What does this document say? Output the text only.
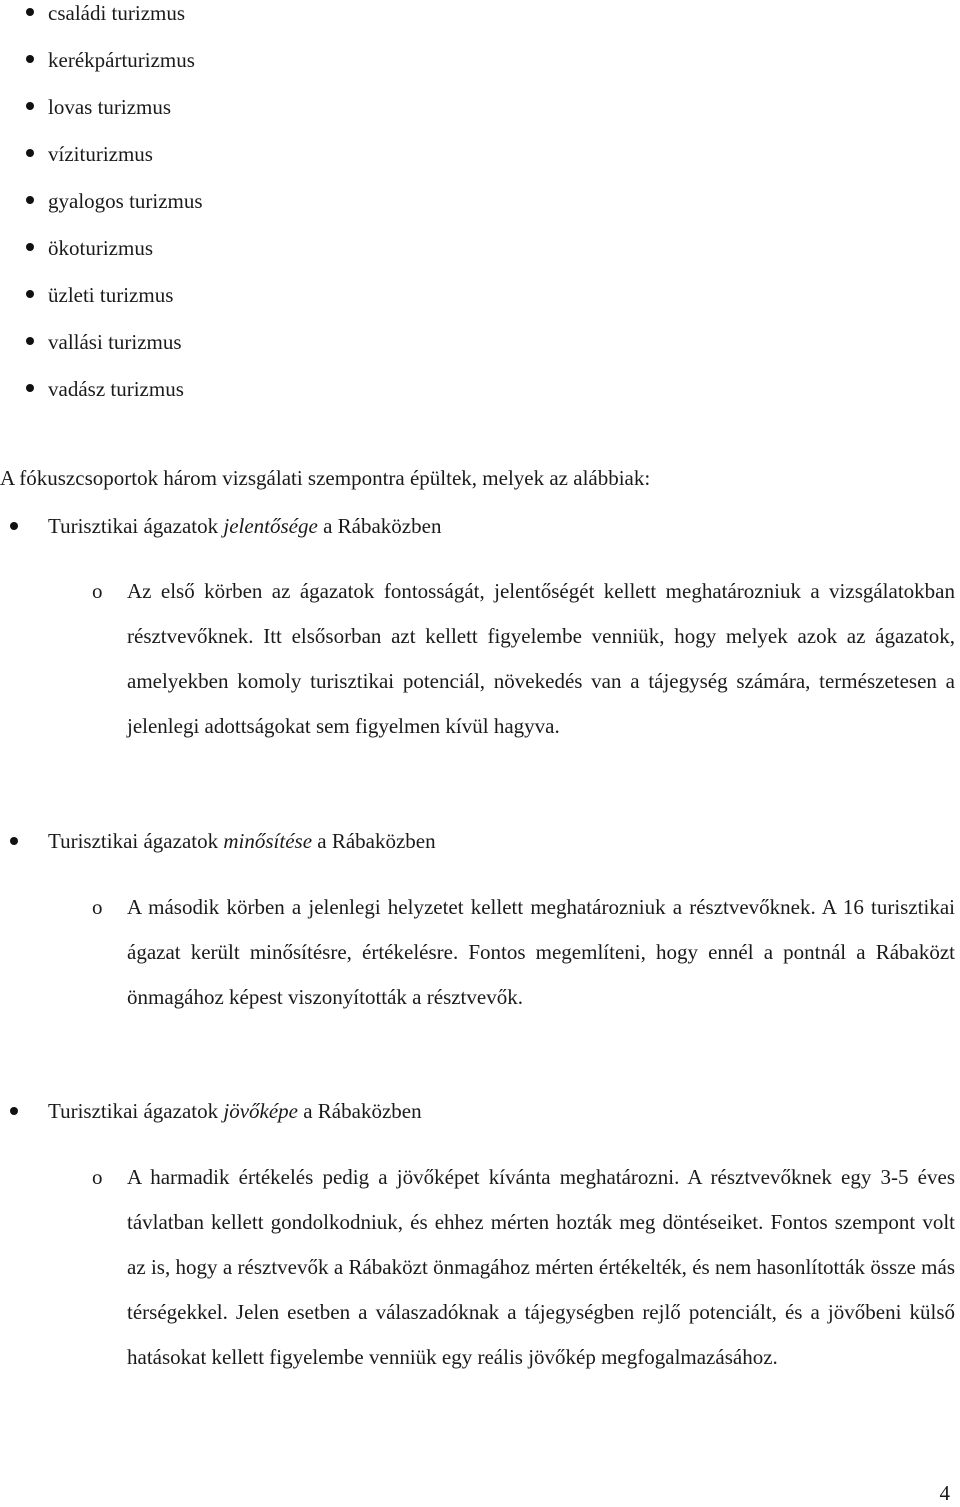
családi turizmus
kerékpárturizmus
lovas turizmus
víziturizmus
gyalogos turizmus
ökoturizmus
üzleti turizmus
vallási turizmus
vadász turizmus
A fókuszcsoportok három vizsgálati szempontra épültek, melyek az alábbiak:
Turisztikai ágazatok jelentősége a Rábaközben
o Az első körben az ágazatok fontosságát, jelentőségét kellett meghatározniuk a vizsgálatokban résztvevőknek. Itt elsősorban azt kellett figyelembe venniük, hogy melyek azok az ágazatok, amelyekben komoly turisztikai potenciál, növekedés van a tájegység számára, természetesen a jelenlegi adottságokat sem figyelmen kívül hagyva.
Turisztikai ágazatok minősítése a Rábaközben
o A második körben a jelenlegi helyzetet kellett meghatározniuk a résztvevőknek. A 16 turisztikai ágazat került minősítésre, értékelésre. Fontos megemlíteni, hogy ennél a pontnál a Rábaközt önmagához képest viszonyították a résztvevők.
Turisztikai ágazatok jövőképe a Rábaközben
o A harmadik értékelés pedig a jövőképet kívánta meghatározni. A résztvevőknek egy 3-5 éves távlatban kellett gondolkodniuk, és ehhez mérten hozták meg döntéseiket. Fontos szempont volt az is, hogy a résztvevők a Rábaközt önmagához mérten értékelték, és nem hasonlították össze más térségekkel. Jelen esetben a válaszadóknak a tájegységben rejlő potenciált, és a jövőbeni külső hatásokat kellett figyelembe venniük egy reális jövőkép megfogalmazásához.
4
